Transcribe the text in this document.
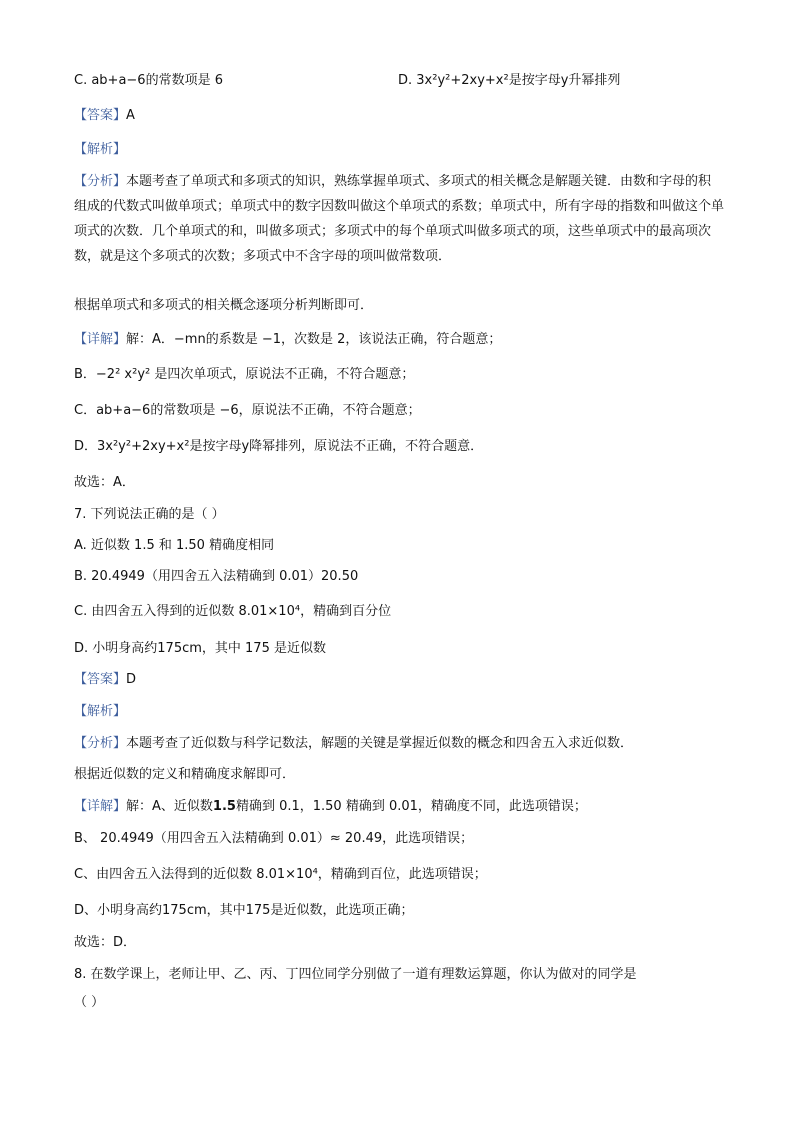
C. ab+a−6的常数项是 6	D. 3x²y²+2xy+x²是按字母y升幂排列
【答案】A
【解析】
【分析】本题考查了单项式和多项式的知识，熟练掌握单项式、多项式的相关概念是解题关键．由数和字母的积组成的代数式叫做单项式；单项式中的数字因数叫做这个单项式的系数；单项式中，所有字母的指数和叫做这个单项式的次数．几个单项式的和，叫做多项式；多项式中的每个单项式叫做多项式的项，这些单项式中的最高项次数，就是这个多项式的次数；多项式中不含字母的项叫做常数项．
根据单项式和多项式的相关概念逐项分析判断即可．
【详解】解：A．−mn的系数是 −1，次数是 2，该说法正确，符合题意；
B．−2² x²y² 是四次单项式，原说法不正确，不符合题意；
C．ab+a−6的常数项是 −6，原说法不正确，不符合题意；
D．3x²y²+2xy+x²是按字母y降幂排列，原说法不正确，不符合题意．
故选：A．
7. 下列说法正确的是（ ）
A. 近似数 1.5 和 1.50 精确度相同
B. 20.4949（用四舍五入法精确到 0.01）20.50
C. 由四舍五入得到的近似数 8.01×10⁴，精确到百分位
D. 小明身高约175cm，其中 175 是近似数
【答案】D
【解析】
【分析】本题考查了近似数与科学记数法，解题的关键是掌握近似数的概念和四舍五入求近似数．
根据近似数的定义和精确度求解即可．
【详解】解：A、近似数1.5精确到 0.1，1.50 精确到 0.01，精确度不同，此选项错误；
B、 20.4949（用四舍五入法精确到 0.01）≈ 20.49，此选项错误；
C、由四舍五入法得到的近似数 8.01×10⁴，精确到百位，此选项错误；
D、小明身高约175cm，其中175是近似数，此选项正确；
故选：D．
8. 在数学课上，老师让甲、乙、丙、丁四位同学分别做了一道有理数运算题，你认为做对的同学是
（ ）
